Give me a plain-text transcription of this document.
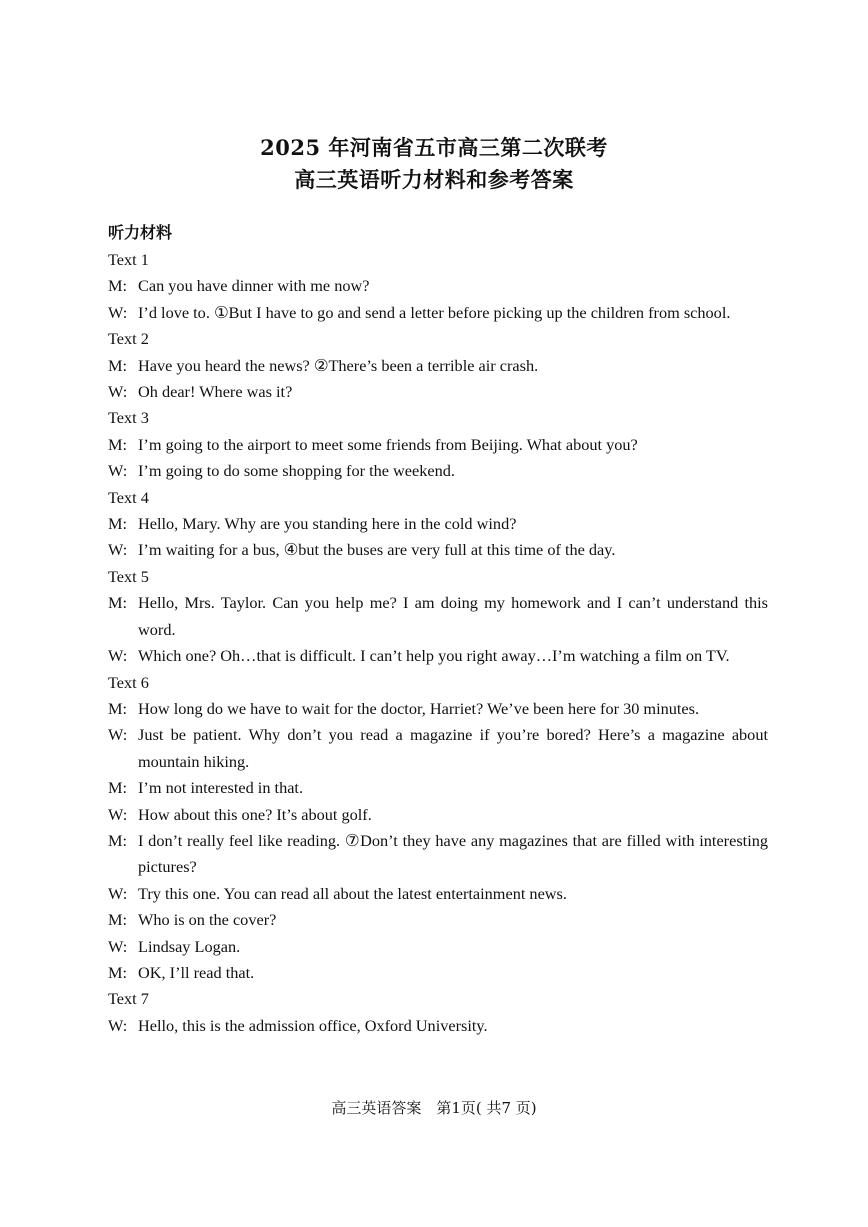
2025 年河南省五市高三第二次联考
高三英语听力材料和参考答案
听力材料
Text 1
M: Can you have dinner with me now?
W: I’d love to. ①But I have to go and send a letter before picking up the children from school.
Text 2
M: Have you heard the news? ②There’s been a terrible air crash.
W: Oh dear! Where was it?
Text 3
M: I’m going to the airport to meet some friends from Beijing. What about you?
W: I’m going to do some shopping for the weekend.
Text 4
M: Hello, Mary. Why are you standing here in the cold wind?
W: I’m waiting for a bus, ④but the buses are very full at this time of the day.
Text 5
M: Hello, Mrs. Taylor. Can you help me? I am doing my homework and I can’t understand this word.
W: Which one? Oh…that is difficult. I can’t help you right away…I’m watching a film on TV.
Text 6
M: How long do we have to wait for the doctor, Harriet? We’ve been here for 30 minutes.
W: Just be patient. Why don’t you read a magazine if you’re bored? Here’s a magazine about mountain hiking.
M: I’m not interested in that.
W: How about this one? It’s about golf.
M: I don’t really feel like reading. ⑦Don’t they have any magazines that are filled with interesting pictures?
W: Try this one. You can read all about the latest entertainment news.
M: Who is on the cover?
W: Lindsay Logan.
M: OK, I’ll read that.
Text 7
W: Hello, this is the admission office, Oxford University.
高三英语答案　第1页( 共7 页)
